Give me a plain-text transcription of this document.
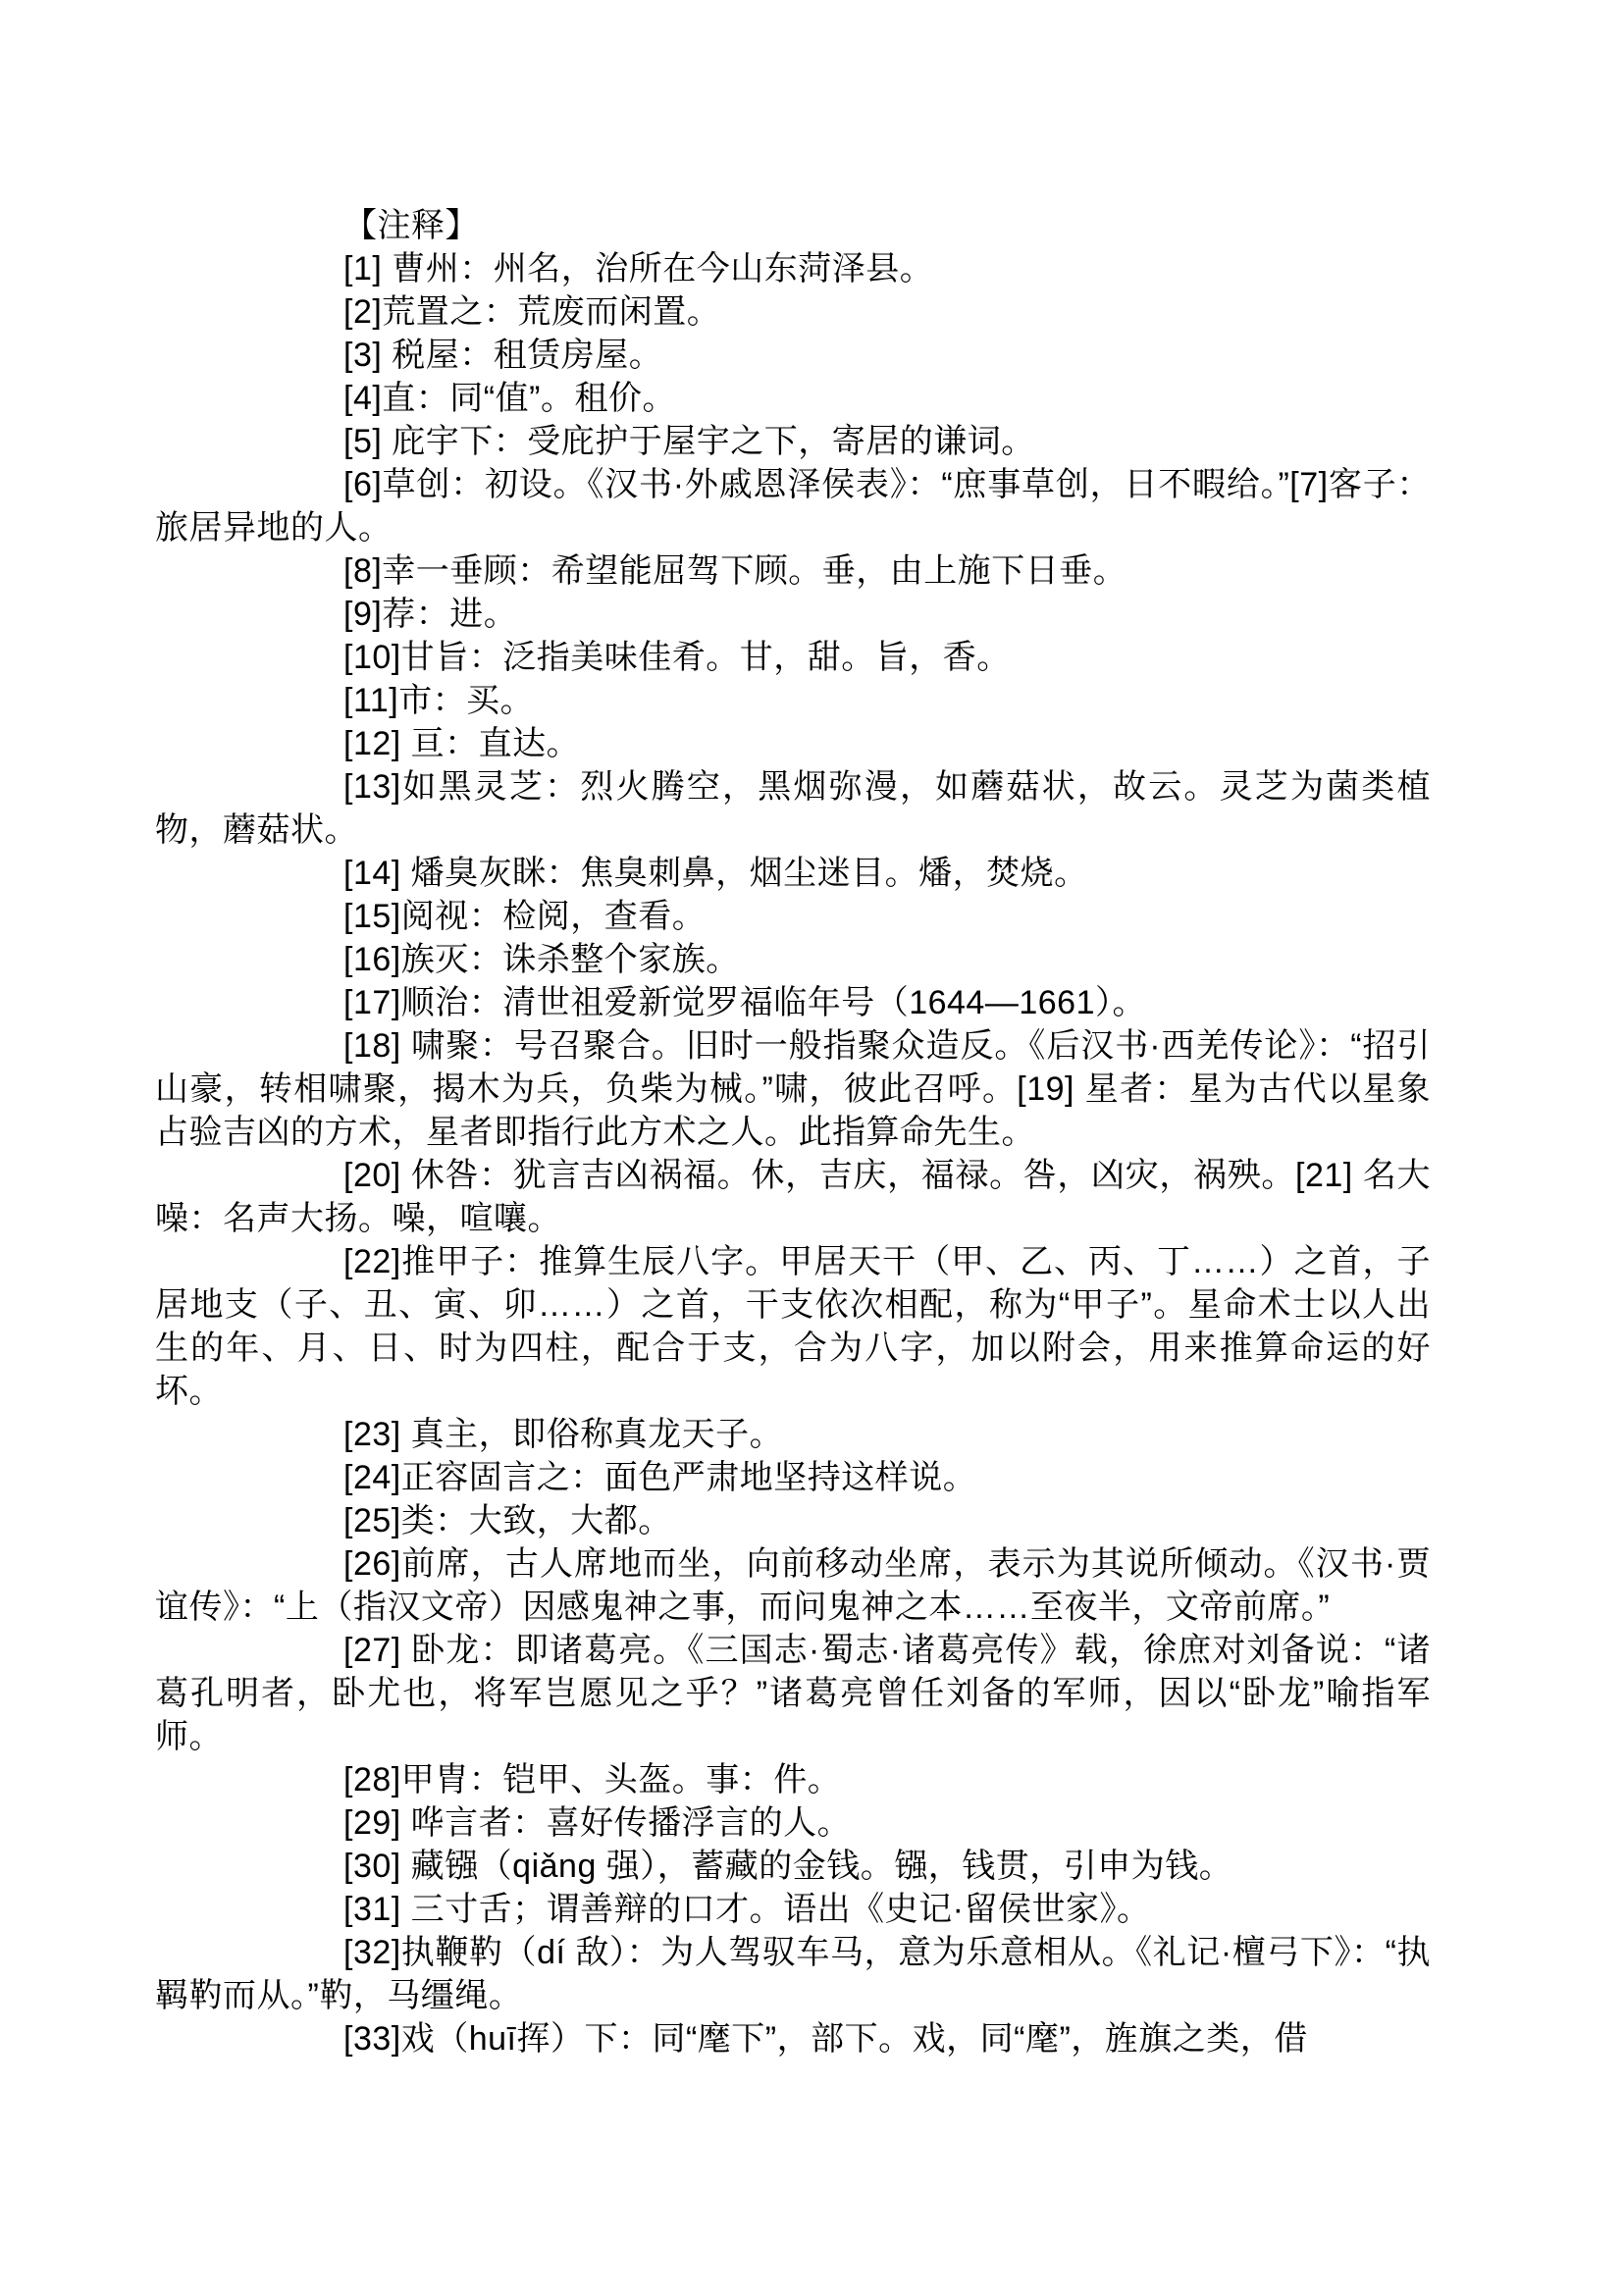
【注释】

[1] 曹州：州名，治所在今山东菏泽县。

[2]荒置之：荒废而闲置。

[3] 税屋：租赁房屋。

[4]直：同“值”。租价。

[5] 庇宇下：受庇护于屋宇之下，寄居的谦词。

[6]草创：初设。《汉书·外戚恩泽侯表》：“庶事草创，日不暇给。”[7]客子：旅居异地的人。

[8]幸一垂顾：希望能屈驾下顾。垂，由上施下日垂。

[9]荐：进。

[10]甘旨：泛指美味佳肴。甘，甜。旨，香。

[11]市：买。

[12] 亘：直达。

[13]如黑灵芝：烈火腾空，黑烟弥漫，如蘑菇状，故云。灵芝为菌类植物，蘑菇状。

[14] 燔臭灰眯：焦臭刺鼻，烟尘迷目。燔，焚烧。

[15]阅视：检阅，查看。

[16]族灭：诛杀整个家族。

[17]顺治：清世祖爱新觉罗福临年号（1644—1661）。

[18] 啸聚：号召聚合。旧时一般指聚众造反。《后汉书·西羌传论》：“招引山豪，转相啸聚，揭木为兵，负柴为械。”啸，彼此召呼。[19] 星者：星为古代以星象占验吉凶的方术，星者即指行此方术之人。此指算命先生。

[20] 休咎：犹言吉凶祸福。休，吉庆，福禄。咎，凶灾，祸殃。[21] 名大噪：名声大扬。噪，喧嚷。

[22]推甲子：推算生辰八字。甲居天干（甲、乙、丙、丁……）之首，子居地支（子、丑、寅、卯……）之首，干支依次相配，称为“甲子”。星命术士以人出生的年、月、日、时为四柱，配合于支，合为八字，加以附会，用来推算命运的好坏。

[23] 真主，即俗称真龙天子。

[24]正容固言之：面色严肃地坚持这样说。

[25]类：大致，大都。

[26]前席，古人席地而坐，向前移动坐席，表示为其说所倾动。《汉书·贾谊传》：“上（指汉文帝）因感鬼神之事，而问鬼神之本……至夜半，文帝前席。”

[27] 卧龙：即诸葛亮。《三国志·蜀志·诸葛亮传》载，徐庶对刘备说：“诸葛孔明者，卧尤也，将军岂愿见之乎？”诸葛亮曾任刘备的军师，因以“卧龙”喻指军师。

[28]甲胄：铠甲、头盔。事：件。

[29] 哗言者：喜好传播浮言的人。

[30] 藏镪（qiǎng 强），蓄藏的金钱。镪，钱贯，引申为钱。

[31] 三寸舌；谓善辩的口才。语出《史记·留侯世家》。

[32]执鞭靮（dí 敌）：为人驾驭车马，意为乐意相从。《礼记·檀弓下》：“执羁靮而从。”靮，马缰绳。

[33]戏（huī挥）下：同“麾下”，部下。戏，同“麾”，旌旗之类，借
